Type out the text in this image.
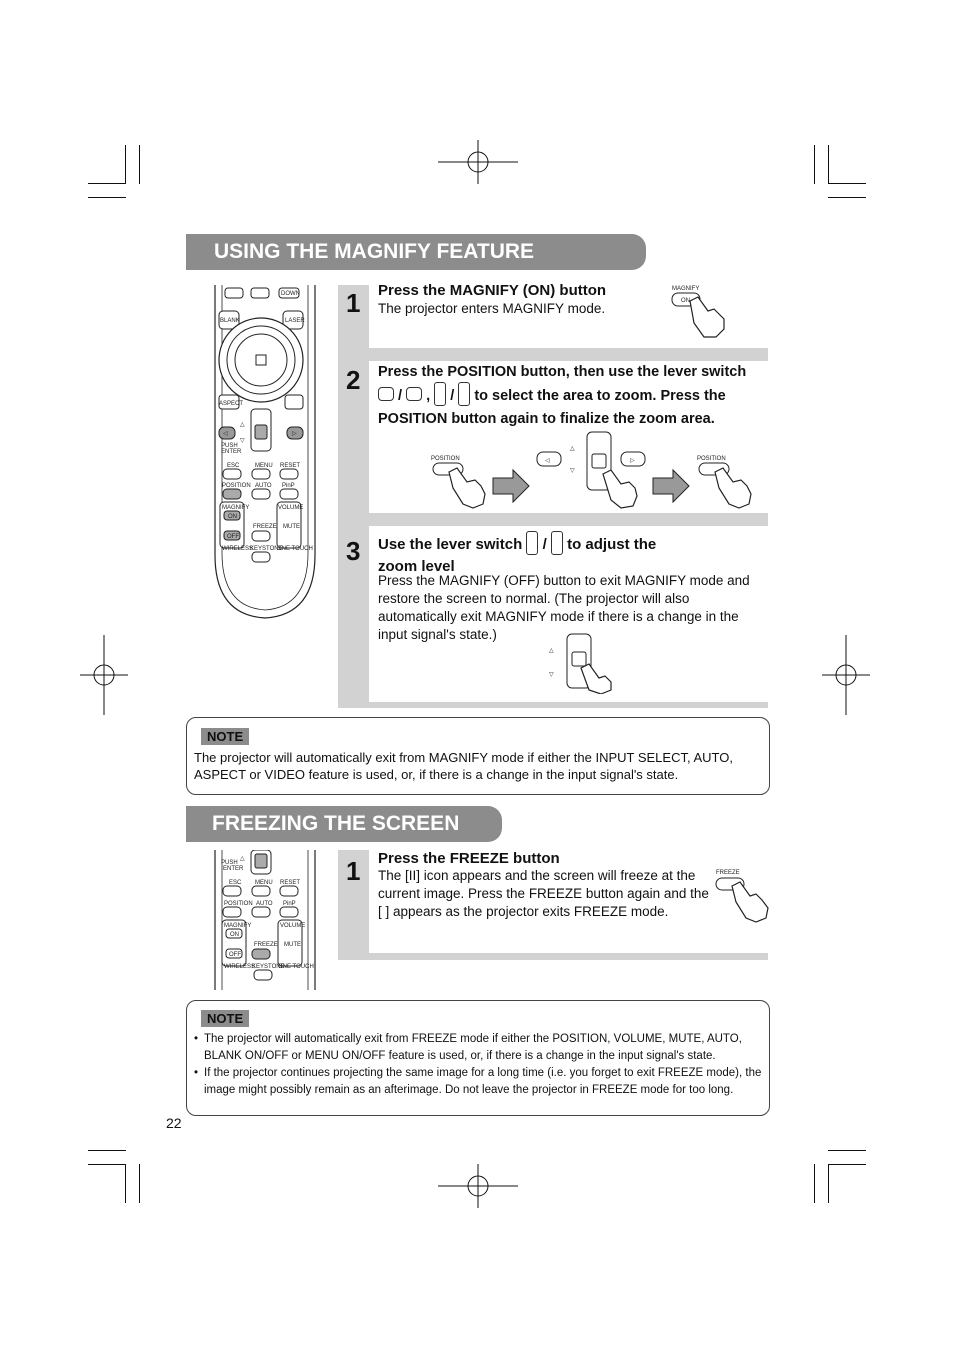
USING THE MAGNIFY FEATURE
DOWN
BLANK	LASER
ASPECT
△
▽
◁	▷
PUSH
ENTER
ESC	MENU RESET
POSITION AUTO PinP
MAGNIFY
ON
OFF
VOLUME
FREEZE MUTE
WIRELESS
KEYSTONE
ONE TOUCH
1 Press the MAGNIFY (ON) button
The projector enters MAGNIFY mode.
MAGNIFY
ON
2 Press the POSITION button, then use the lever switch
/  ,  /  to select the area to zoom. Press the
POSITION button again to finalize the zoom area.
POSITION	◁
△
▽
▷	POSITION
3 Use the lever switch  /  to adjust the
zoom level
Press the MAGNIFY (OFF) button to exit MAGNIFY mode and restore the screen to normal. (The projector will also automatically exit MAGNIFY mode if there is a change in the input signal's state.)
△
▽
NOTE
The projector will automatically exit from MAGNIFY mode if either the INPUT SELECT, AUTO, ASPECT or VIDEO feature is used, or, if there is a change in the input signal's state.
FREEZING THE SCREEN
△
PUSH
ENTER
ESC MENU RESET
POSITION AUTO PinP
MAGNIFY
ON
OFF
VOLUME
FREEZE MUTE
WIRELESS
KEYSTONE
ONE TOUCH
1 Press the FREEZE button
The [II] icon appears and the screen will freeze at the current image. Press the FREEZE button again and the [ ] appears as the projector exits FREEZE mode.
FREEZE
NOTE
• The projector will automatically exit from FREEZE mode if either the POSITION, VOLUME, MUTE, AUTO, BLANK ON/OFF or MENU ON/OFF feature is used, or, if there is a change in the input signal's state.
• If the projector continues projecting the same image for a long time (i.e. you forget to exit FREEZE mode), the image might possibly remain as an afterimage. Do not leave the projector in FREEZE mode for too long.
22
